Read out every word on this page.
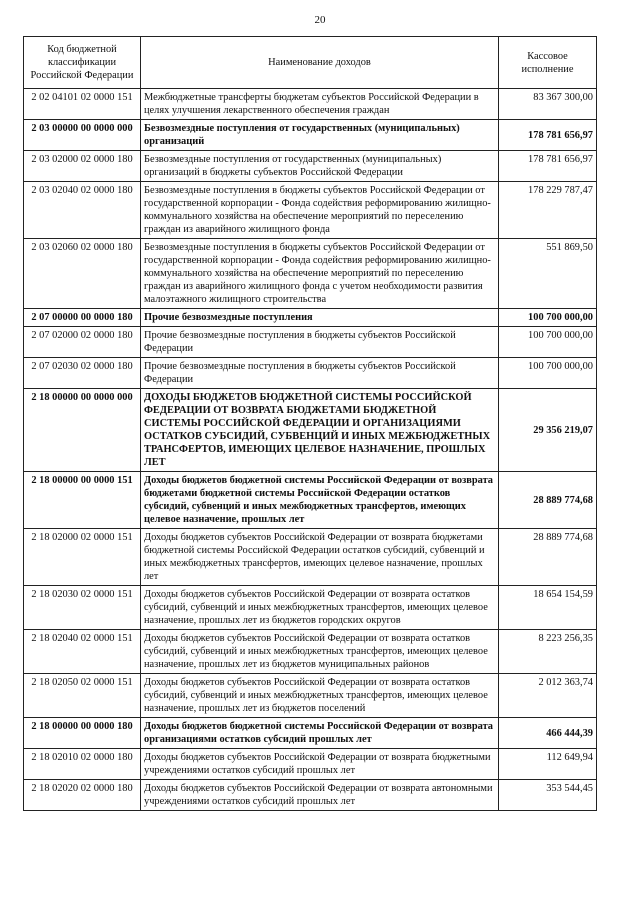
20
Код бюджетной классификации Российской Федерации	Наименование доходов	Кассовое исполнение
2 02 04101 02 0000 151	Межбюджетные трансферты бюджетам субъектов Российской Федерации в целях улучшения лекарственного обеспечения граждан	83 367 300,00
2 03 00000 00 0000 000	Безвозмездные поступления от государственных (муниципальных) организаций	178 781 656,97
2 03 02000 02 0000 180	Безвозмездные поступления от государственных (муниципальных) организаций в бюджеты субъектов Российской Федерации	178 781 656,97
2 03 02040 02 0000 180	Безвозмездные поступления в бюджеты субъектов Российской Федерации от государственной корпорации - Фонда содействия реформированию жилищно-коммунального хозяйства на обеспечение мероприятий по переселению граждан из аварийного жилищного фонда	178 229 787,47
2 03 02060 02 0000 180	Безвозмездные поступления в бюджеты субъектов Российской Федерации от государственной корпорации - Фонда содействия реформированию жилищно-коммунального хозяйства на обеспечение мероприятий по переселению граждан из аварийного жилищного фонда с учетом необходимости развития малоэтажного жилищного строительства	551 869,50
2 07 00000 00 0000 180	Прочие безвозмездные поступления	100 700 000,00
2 07 02000 02 0000 180	Прочие безвозмездные поступления в бюджеты субъектов Российской Федерации	100 700 000,00
2 07 02030 02 0000 180	Прочие безвозмездные поступления в бюджеты субъектов Российской Федерации	100 700 000,00
2 18 00000 00 0000 000	ДОХОДЫ БЮДЖЕТОВ БЮДЖЕТНОЙ СИСТЕМЫ РОССИЙСКОЙ ФЕДЕРАЦИИ ОТ ВОЗВРАТА БЮДЖЕТАМИ БЮДЖЕТНОЙ СИСТЕМЫ РОССИЙСКОЙ ФЕДЕРАЦИИ И ОРГАНИЗАЦИЯМИ ОСТАТКОВ СУБСИДИЙ, СУБВЕНЦИЙ И ИНЫХ МЕЖБЮДЖЕТНЫХ ТРАНСФЕРТОВ, ИМЕЮЩИХ ЦЕЛЕВОЕ НАЗНАЧЕНИЕ, ПРОШЛЫХ ЛЕТ	29 356 219,07
2 18 00000 00 0000 151	Доходы бюджетов бюджетной системы Российской Федерации от возврата бюджетами бюджетной системы Российской Федерации остатков субсидий, субвенций и иных межбюджетных трансфертов, имеющих целевое назначение, прошлых лет	28 889 774,68
2 18 02000 02 0000 151	Доходы бюджетов субъектов Российской Федерации от возврата бюджетами бюджетной системы Российской Федерации остатков субсидий, субвенций и иных межбюджетных трансфертов, имеющих целевое назначение, прошлых лет	28 889 774,68
2 18 02030 02 0000 151	Доходы бюджетов субъектов Российской Федерации от возврата остатков субсидий, субвенций и иных межбюджетных трансфертов, имеющих целевое назначение, прошлых лет из бюджетов городских округов	18 654 154,59
2 18 02040 02 0000 151	Доходы бюджетов субъектов Российской Федерации от возврата остатков субсидий, субвенций и иных межбюджетных трансфертов, имеющих целевое назначение, прошлых лет из бюджетов муниципальных районов	8 223 256,35
2 18 02050 02 0000 151	Доходы бюджетов субъектов Российской Федерации от возврата остатков субсидий, субвенций и иных межбюджетных трансфертов, имеющих целевое назначение, прошлых лет из бюджетов поселений	2 012 363,74
2 18 00000 00 0000 180	Доходы бюджетов бюджетной системы Российской Федерации от возврата организациями остатков субсидий прошлых лет	466 444,39
2 18 02010 02 0000 180	Доходы бюджетов субъектов Российской Федерации от возврата бюджетными учреждениями остатков субсидий прошлых лет	112 649,94
2 18 02020 02 0000 180	Доходы бюджетов субъектов Российской Федерации от возврата автономными учреждениями остатков субсидий прошлых лет	353 544,45
